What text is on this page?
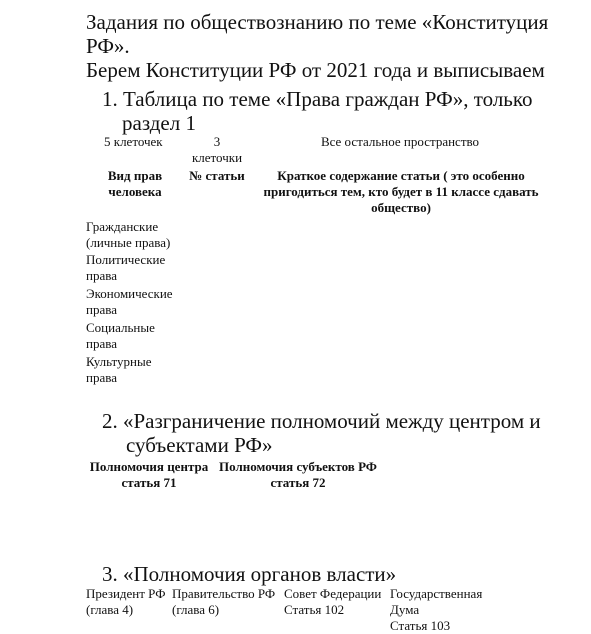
Задания по обществознанию по теме «Конституция
РФ».
Берем Конституции РФ от 2021 года и выписываем
1. Таблица по теме «Права граждан РФ», только
раздел 1
5 клеточек	3
клеточки
Все остальное пространство
Вид прав
человека
№ статьи	Краткое содержание статьи ( это особенно
пригодиться тем, кто будет в 11 классе сдавать
общество)
Гражданские
(личные права)
Политические
права
Экономические
права
Социальные
права
Культурные
права
2. «Разграничение полномочий между центром и
субъектами РФ»
Полномочия центра
статья 71
Полномочия субъектов РФ
статья 72
3. «Полномочия органов власти»
Президент РФ
(глава 4)
Правительство РФ
(глава 6)
Совет Федерации
Статья 102
Государственная
Дума
Статья 103
